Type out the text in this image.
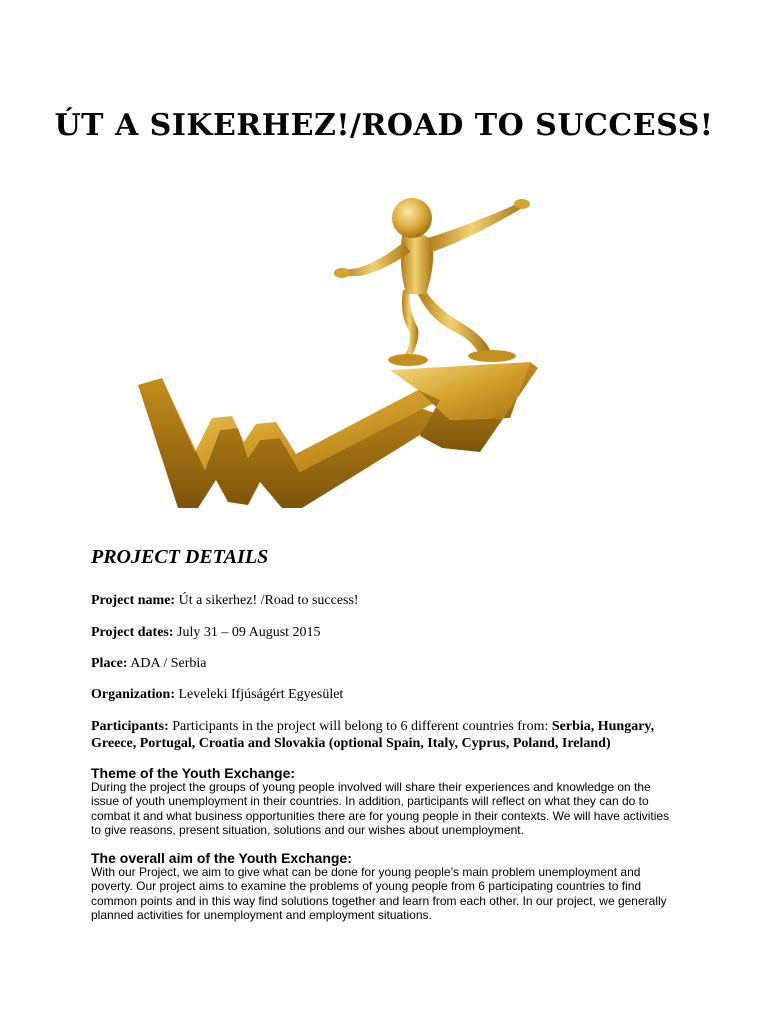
ÚT A SIKERHEZ!/ROAD TO SUCCESS!
PROJECT DETAILS
Project name: Út a sikerhez! /Road to success!
Project dates: July 31 – 09 August 2015
Place: ADA / Serbia
Organization: Leveleki Ifjúságért Egyesület
Participants: Participants in the project will belong to 6 different countries from: Serbia, Hungary, Greece, Portugal, Croatia and Slovakia (optional Spain, Italy, Cyprus, Poland, Ireland)
Theme of the Youth Exchange:
During the project the groups of young people involved will share their experiences and knowledge on the issue of youth unemployment in their countries. In addition, participants will reflect on what they can do to combat it and what business opportunities there are for young people in their contexts. We will have activities to give reasons, present situation, solutions and our wishes about unemployment.
The overall aim of the Youth Exchange:
With our Project, we aim to give what can be done for young people’s main problem unemployment and poverty. Our project aims to examine the problems of young people from 6 participating countries to find common points and in this way find solutions together and learn from each other. In our project, we generally planned activities for unemployment and employment situations.
